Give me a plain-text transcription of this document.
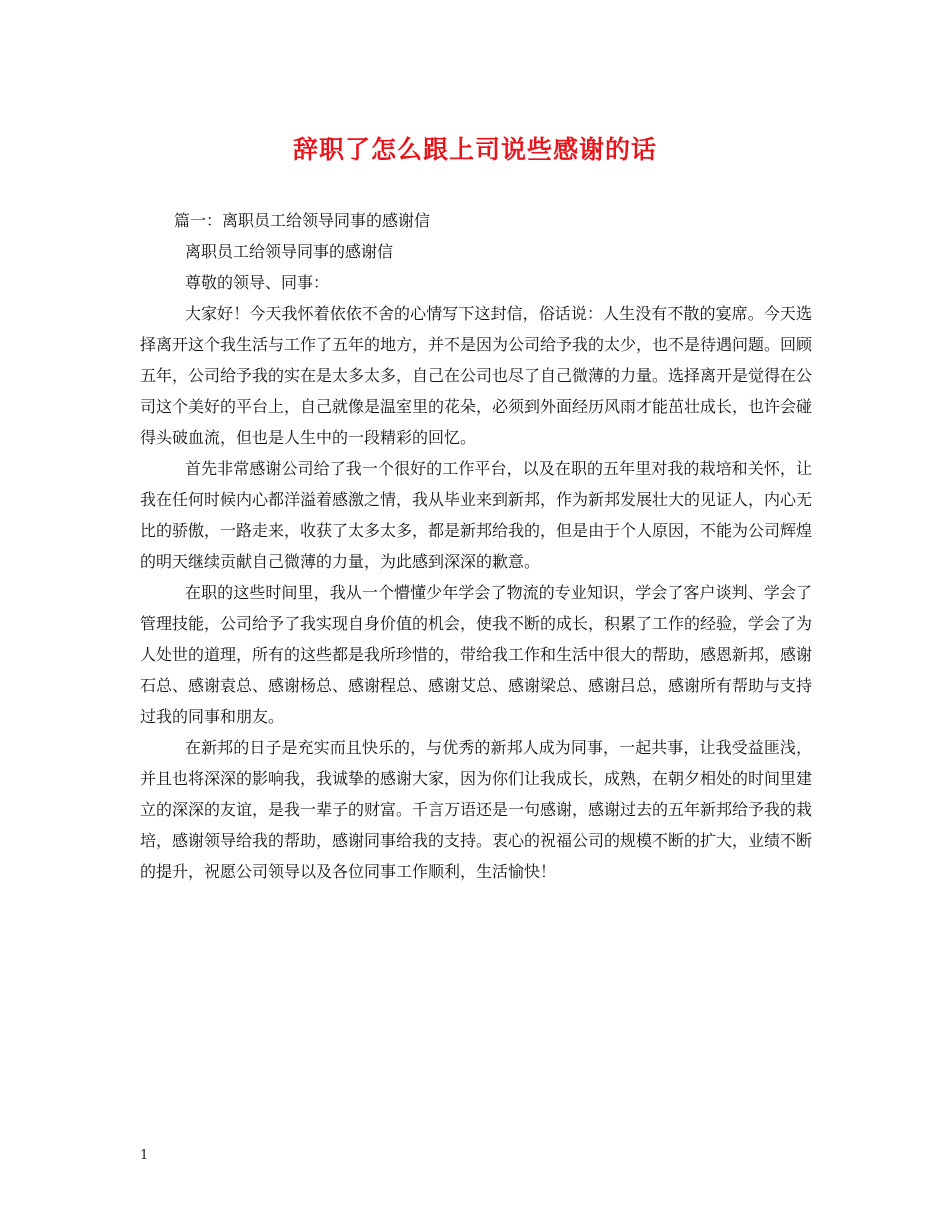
辞职了怎么跟上司说些感谢的话

篇一：离职员工给领导同事的感谢信

离职员工给领导同事的感谢信

尊敬的领导、同事：

大家好！今天我怀着依依不舍的心情写下这封信，俗话说：人生没有不散的宴席。今天选择离开这个我生活与工作了五年的地方，并不是因为公司给予我的太少，也不是待遇问题。回顾五年，公司给予我的实在是太多太多，自己在公司也尽了自己微薄的力量。选择离开是觉得在公司这个美好的平台上，自己就像是温室里的花朵，必须到外面经历风雨才能茁壮成长，也许会碰得头破血流，但也是人生中的一段精彩的回忆。

首先非常感谢公司给了我一个很好的工作平台，以及在职的五年里对我的栽培和关怀，让我在任何时候内心都洋溢着感激之情，我从毕业来到新邦，作为新邦发展壮大的见证人，内心无比的骄傲，一路走来，收获了太多太多，都是新邦给我的，但是由于个人原因，不能为公司辉煌的明天继续贡献自己微薄的力量，为此感到深深的歉意。

在职的这些时间里，我从一个懵懂少年学会了物流的专业知识，学会了客户谈判、学会了管理技能，公司给予了我实现自身价值的机会，使我不断的成长，积累了工作的经验，学会了为人处世的道理，所有的这些都是我所珍惜的，带给我工作和生活中很大的帮助，感恩新邦，感谢石总、感谢袁总、感谢杨总、感谢程总、感谢艾总、感谢梁总、感谢吕总，感谢所有帮助与支持过我的同事和朋友。

在新邦的日子是充实而且快乐的，与优秀的新邦人成为同事，一起共事，让我受益匪浅，并且也将深深的影响我，我诚挚的感谢大家，因为你们让我成长，成熟，在朝夕相处的时间里建立的深深的友谊，是我一辈子的财富。千言万语还是一句感谢，感谢过去的五年新邦给予我的栽培，感谢领导给我的帮助，感谢同事给我的支持。衷心的祝福公司的规模不断的扩大，业绩不断的提升，祝愿公司领导以及各位同事工作顺利，生活愉快！

1
